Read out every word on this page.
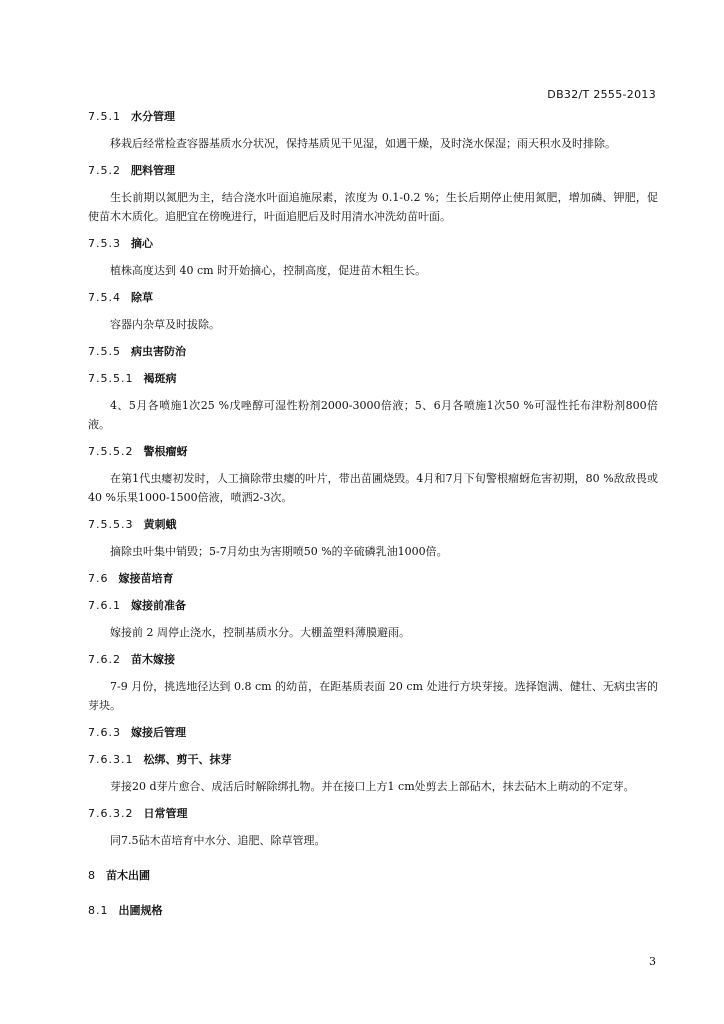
DB32/T 2555-2013
7.5.1 水分管理

移栽后经常检查容器基质水分状况，保持基质见干见湿，如遇干燥，及时浇水保湿；雨天积水及时排除。

7.5.2 肥料管理

生长前期以氮肥为主，结合浇水叶面追施尿素，浓度为 0.1-0.2 %；生长后期停止使用氮肥，增加磷、钾肥，促使苗木木质化。追肥宜在傍晚进行，叶面追肥后及时用清水冲洗幼苗叶面。

7.5.3 摘心

植株高度达到 40 cm 时开始摘心，控制高度，促进苗木粗生长。

7.5.4 除草

容器内杂草及时拔除。

7.5.5 病虫害防治
7.5.5.1 褐斑病

4、5月各喷施1次25 %戊唑醇可湿性粉剂2000-3000倍液；5、6月各喷施1次50 %可湿性托布津粉剂800倍液。

7.5.5.2 警根瘤蚜

在第1代虫瘿初发时，人工摘除带虫瘿的叶片，带出苗圃烧毁。4月和7月下旬警根瘤蚜危害初期，80 %敌敌畏或40 %乐果1000-1500倍液，喷洒2-3次。

7.5.5.3 黄刺蛾

摘除虫叶集中销毁；5-7月幼虫为害期喷50 %的辛硫磷乳油1000倍。

7.6 嫁接苗培育
7.6.1 嫁接前准备

嫁接前 2 周停止浇水，控制基质水分。大棚盖塑料薄膜避雨。

7.6.2 苗木嫁接

7-9 月份，挑选地径达到 0.8 cm 的幼苗，在距基质表面 20 cm 处进行方块芽接。选择饱满、健壮、无病虫害的芽块。

7.6.3 嫁接后管理
7.6.3.1 松绑、剪干、抹芽

芽接20 d芽片愈合、成活后时解除绑扎物。并在接口上方1 cm处剪去上部砧木，抹去砧木上萌动的不定芽。

7.6.3.2 日常管理

同7.5砧木苗培育中水分、追肥、除草管理。

8 苗木出圃
8.1 出圃规格
3
